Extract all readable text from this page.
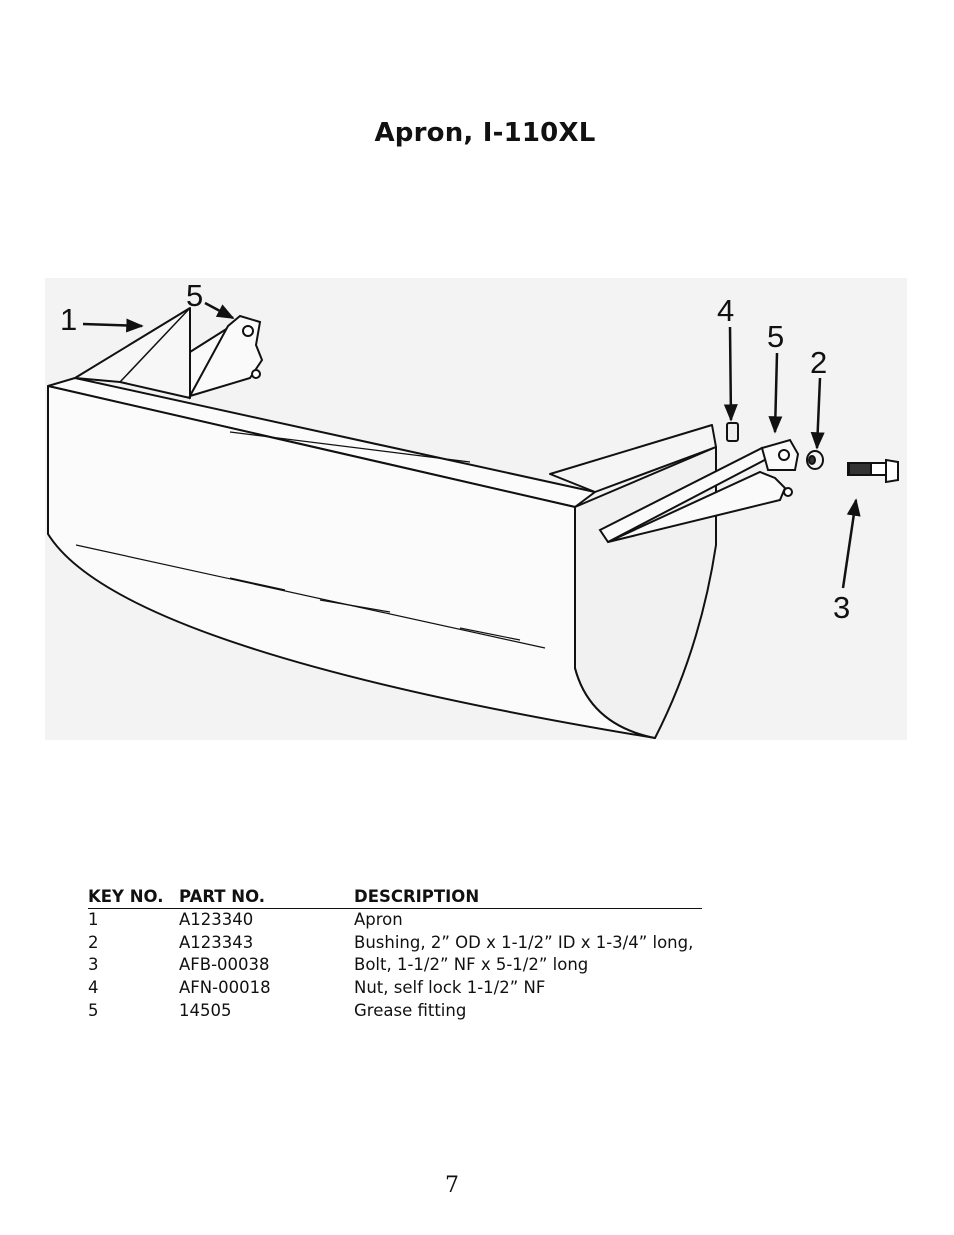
Apron, I-110XL
1
5	4
5
2
3
KEY NO.	PART NO.	DESCRIPTION
1	A123340	Apron
2	A123343	Bushing, 2” OD x 1-1/2” ID x 1-3/4” long,
3	AFB-00038	Bolt, 1-1/2” NF x 5-1/2” long
4	AFN-00018	Nut, self lock 1-1/2” NF
5	14505	Grease fitting
7
